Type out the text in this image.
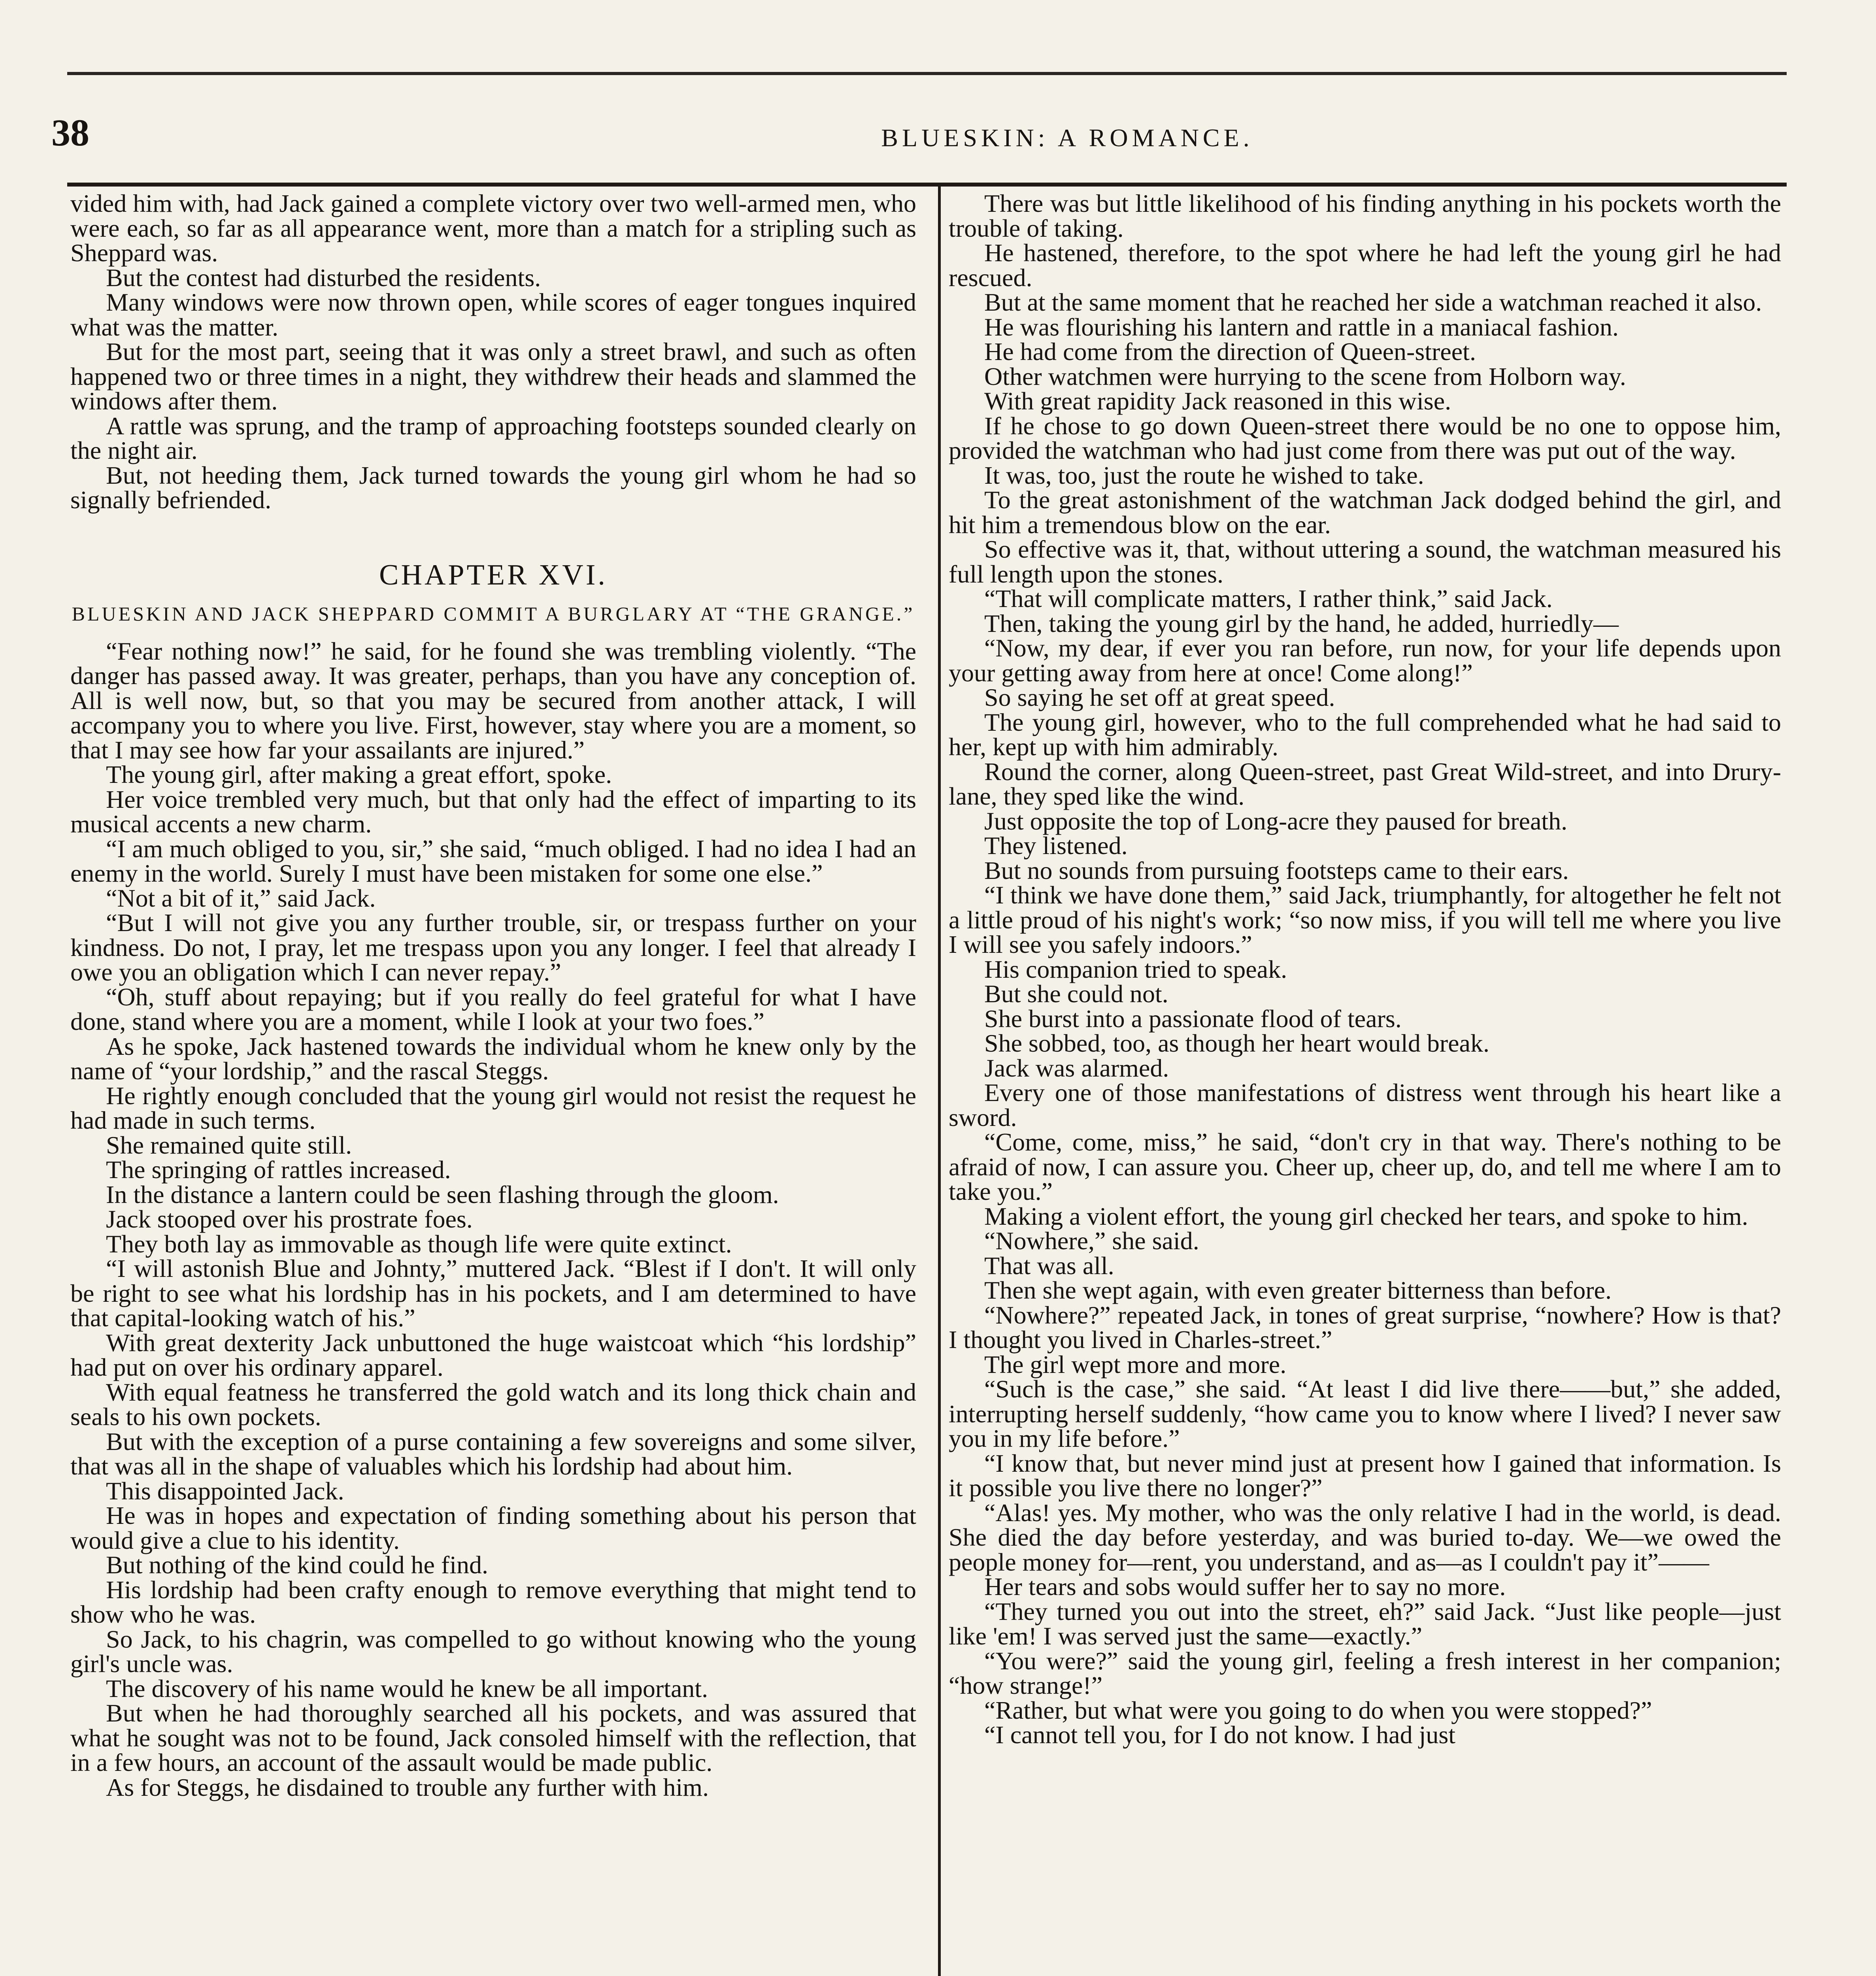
38	BLUESKIN: A ROMANCE.

vided him with, had Jack gained a complete victory over two well-armed men, who were each, so far as all appearance went, more than a match for a stripling such as Sheppard was.

But the contest had disturbed the residents.

Many windows were now thrown open, while scores of eager tongues inquired what was the matter.

But for the most part, seeing that it was only a street brawl, and such as often happened two or three times in a night, they withdrew their heads and slammed the windows after them.

A rattle was sprung, and the tramp of approaching footsteps sounded clearly on the night air.

But, not heeding them, Jack turned towards the young girl whom he had so signally befriended.

CHAPTER XVI.
BLUESKIN AND JACK SHEPPARD COMMIT A BURGLARY AT “THE GRANGE.”

“Fear nothing now!” he said, for he found she was trembling violently. “The danger has passed away. It was greater, perhaps, than you have any conception of. All is well now, but, so that you may be secured from another attack, I will accompany you to where you live. First, however, stay where you are a moment, so that I may see how far your assailants are injured.”

The young girl, after making a great effort, spoke.

Her voice trembled very much, but that only had the effect of imparting to its musical accents a new charm.

“I am much obliged to you, sir,” she said, “much obliged. I had no idea I had an enemy in the world. Surely I must have been mistaken for some one else.”

“Not a bit of it,” said Jack.

“But I will not give you any further trouble, sir, or trespass further on your kindness. Do not, I pray, let me trespass upon you any longer. I feel that already I owe you an obligation which I can never repay.”

“Oh, stuff about repaying; but if you really do feel grateful for what I have done, stand where you are a moment, while I look at your two foes.”

As he spoke, Jack hastened towards the individual whom he knew only by the name of “your lordship,” and the rascal Steggs.

He rightly enough concluded that the young girl would not resist the request he had made in such terms.

She remained quite still.

The springing of rattles increased.

In the distance a lantern could be seen flashing through the gloom.

Jack stooped over his prostrate foes.

They both lay as immovable as though life were quite extinct.

“I will astonish Blue and Johnty,” muttered Jack. “Blest if I don't. It will only be right to see what his lordship has in his pockets, and I am determined to have that capital-looking watch of his.”

With great dexterity Jack unbuttoned the huge waistcoat which “his lordship” had put on over his ordinary apparel.

With equal featness he transferred the gold watch and its long thick chain and seals to his own pockets.

But with the exception of a purse containing a few sovereigns and some silver, that was all in the shape of valuables which his lordship had about him.

This disappointed Jack.

He was in hopes and expectation of finding something about his person that would give a clue to his identity.

But nothing of the kind could he find.

His lordship had been crafty enough to remove everything that might tend to show who he was.

So Jack, to his chagrin, was compelled to go without knowing who the young girl's uncle was.

The discovery of his name would he knew be all important.

But when he had thoroughly searched all his pockets, and was assured that what he sought was not to be found, Jack consoled himself with the reflection, that in a few hours, an account of the assault would be made public.

As for Steggs, he disdained to trouble any further with him.

There was but little likelihood of his finding anything in his pockets worth the trouble of taking.

He hastened, therefore, to the spot where he had left the young girl he had rescued.

But at the same moment that he reached her side a watchman reached it also.

He was flourishing his lantern and rattle in a maniacal fashion.

He had come from the direction of Queen-street.

Other watchmen were hurrying to the scene from Holborn way.

With great rapidity Jack reasoned in this wise.

If he chose to go down Queen-street there would be no one to oppose him, provided the watchman who had just come from there was put out of the way.

It was, too, just the route he wished to take.

To the great astonishment of the watchman Jack dodged behind the girl, and hit him a tremendous blow on the ear.

So effective was it, that, without uttering a sound, the watchman measured his full length upon the stones.

“That will complicate matters, I rather think,” said Jack.

Then, taking the young girl by the hand, he added, hurriedly—

“Now, my dear, if ever you ran before, run now, for your life depends upon your getting away from here at once! Come along!”

So saying he set off at great speed.

The young girl, however, who to the full comprehended what he had said to her, kept up with him admirably.

Round the corner, along Queen-street, past Great Wild-street, and into Drury-lane, they sped like the wind.

Just opposite the top of Long-acre they paused for breath.

They listened.

But no sounds from pursuing footsteps came to their ears.

“I think we have done them,” said Jack, triumphantly, for altogether he felt not a little proud of his night's work; “so now miss, if you will tell me where you live I will see you safely indoors.”

His companion tried to speak.

But she could not.

She burst into a passionate flood of tears.

She sobbed, too, as though her heart would break.

Jack was alarmed.

Every one of those manifestations of distress went through his heart like a sword.

“Come, come, miss,” he said, “don't cry in that way. There's nothing to be afraid of now, I can assure you. Cheer up, cheer up, do, and tell me where I am to take you.”

Making a violent effort, the young girl checked her tears, and spoke to him.

“Nowhere,” she said.

That was all.

Then she wept again, with even greater bitterness than before.

“Nowhere?” repeated Jack, in tones of great surprise, “nowhere? How is that? I thought you lived in Charles-street.”

The girl wept more and more.

“Such is the case,” she said. “At least I did live there——but,” she added, interrupting herself suddenly, “how came you to know where I lived? I never saw you in my life before.”

“I know that, but never mind just at present how I gained that information. Is it possible you live there no longer?”

“Alas! yes. My mother, who was the only relative I had in the world, is dead. She died the day before yesterday, and was buried to-day. We—we owed the people money for—rent, you understand, and as—as I couldn't pay it”——

Her tears and sobs would suffer her to say no more.

“They turned you out into the street, eh?” said Jack. “Just like people—just like 'em! I was served just the same—exactly.”

“You were?” said the young girl, feeling a fresh interest in her companion; “how strange!”

“Rather, but what were you going to do when you were stopped?”

“I cannot tell you, for I do not know. I had just
